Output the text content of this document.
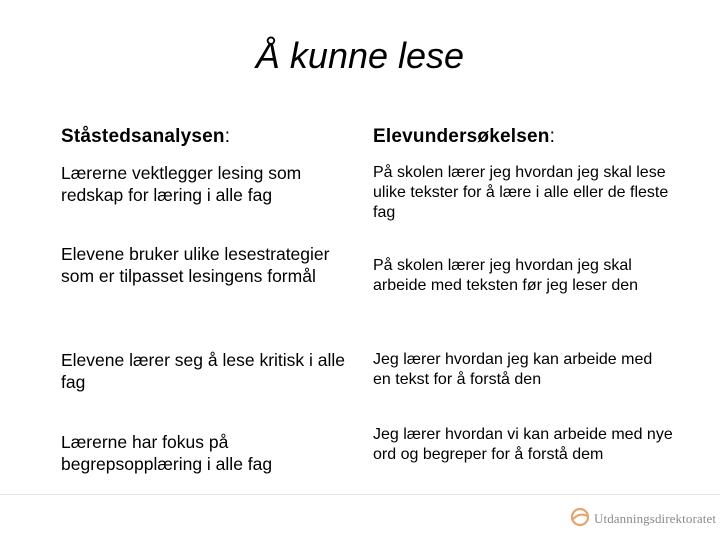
Å kunne lese
Ståstedsanalysen:	Elevundersøkelsen:
Lærerne vektlegger lesing som redskap for læring i alle fag
På skolen lærer jeg hvordan jeg skal lese ulike tekster for å lære i alle eller de fleste fag
Elevene bruker ulike lesestrategier som er tilpasset lesingens formål
På skolen lærer jeg hvordan jeg skal arbeide med teksten før jeg leser den
Elevene lærer seg å lese kritisk i alle fag
Jeg lærer hvordan jeg kan arbeide med en tekst for å forstå den
Lærerne har fokus på begrepsopplæring i alle fag
Jeg lærer hvordan vi kan arbeide med nye ord og begreper for å forstå dem
Utdanningsdirektoratet
